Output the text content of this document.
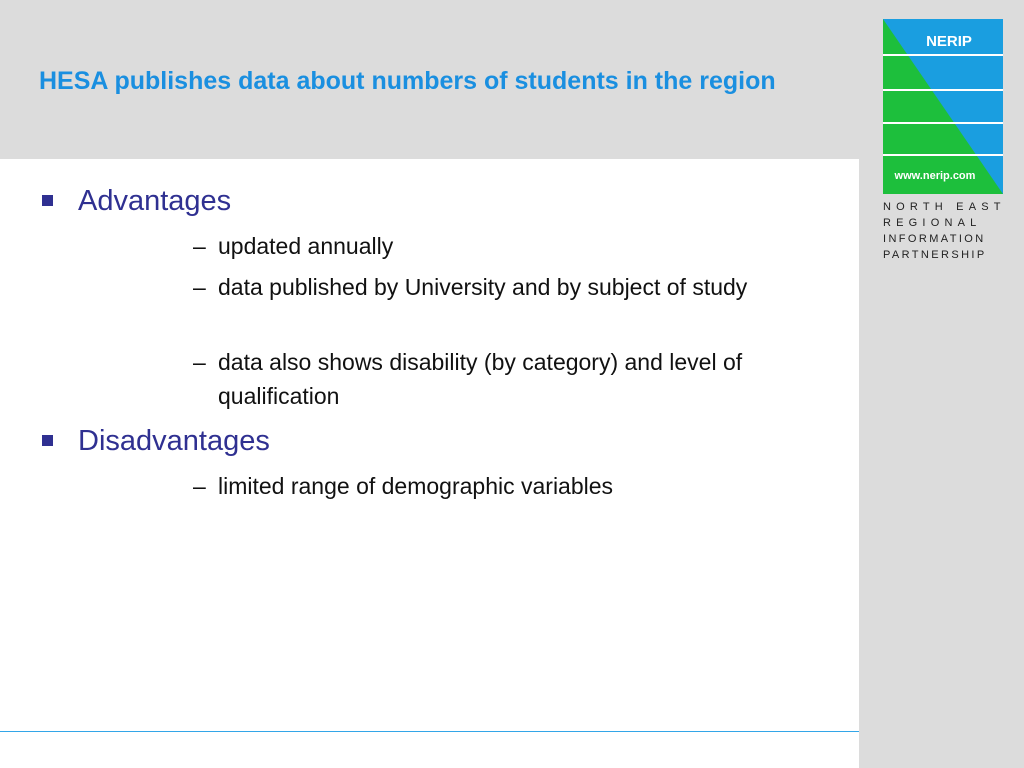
HESA publishes data about numbers of students in the region
Advantages
– updated annually
– data published by University and by subject of study
– data also shows disability (by category) and level of qualification
Disadvantages
– limited range of demographic variables
NERIP
www.nerip.com
NORTH EAST
REGIONAL
INFORMATION
PARTNERSHIP
